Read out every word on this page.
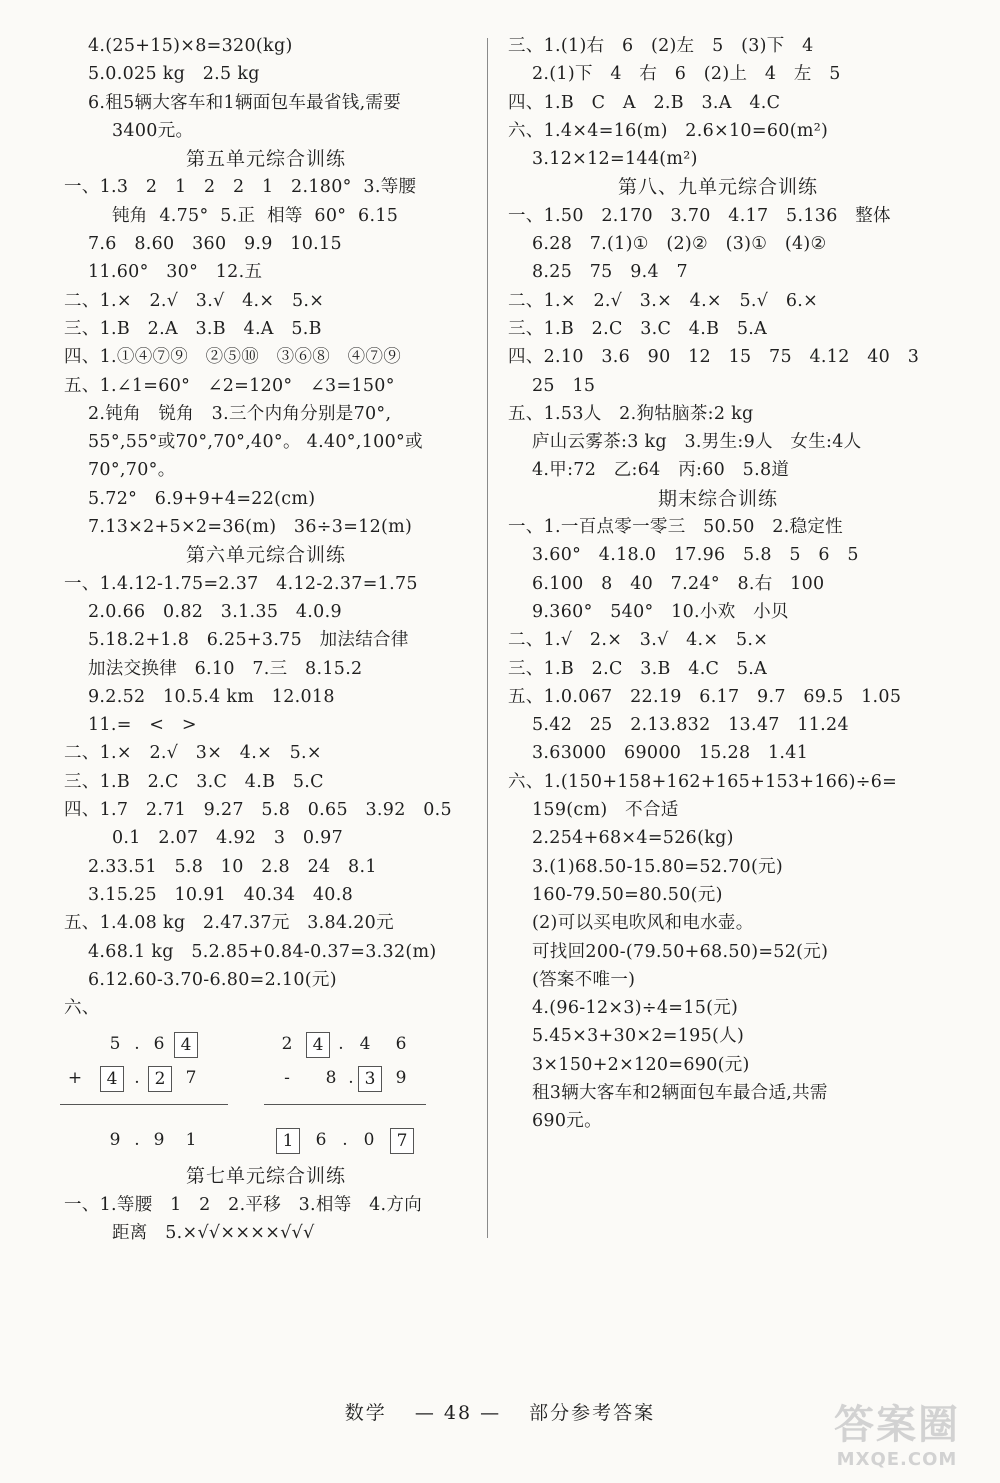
4.(25+15)×8=320(kg)
5.0.025 kg   2.5 kg
6.租5辆大客车和1辆面包车最省钱,需要
3400元。
第五单元综合训练
一、1.3   2   1   2   2   1   2.180°  3.等腰
钝角  4.75°  5.正  相等  60°  6.15
7.6   8.60   360   9.9   10.15
11.60°   30°   12.五
二、1.×   2.√   3.√   4.×   5.×
三、1.B   2.A   3.B   4.A   5.B
四、1.①④⑦⑨   ②⑤⑩   ③⑥⑧   ④⑦⑨
五、1.∠1=60°   ∠2=120°   ∠3=150°
2.钝角   锐角   3.三个内角分别是70°,
55°,55°或70°,70°,40°。 4.40°,100°或
70°,70°。
5.72°   6.9+9+4=22(cm)
7.13×2+5×2=36(m)   36÷3=12(m)
第六单元综合训练
一、1.4.12-1.75=2.37   4.12-2.37=1.75
2.0.66   0.82   3.1.35   4.0.9
5.18.2+1.8   6.25+3.75   加法结合律
加法交换律   6.10   7.三   8.15.2
9.2.52   10.5.4 km   12.018
11.=   <   >
二、1.×   2.√   3×   4.×   5.×
三、1.B   2.C   3.C   4.B   5.C
四、1.7   2.71   9.27   5.8   0.65   3.92   0.5
0.1   2.07   4.92   3   0.97
2.33.51   5.8   10   2.8   24   8.1
3.15.25   10.91   40.34   40.8
五、1.4.08 kg   2.47.37元   3.84.20元
4.68.1 kg   5.2.85+0.84-0.37=3.32(m)
6.12.60-3.70-6.80=2.10(元)
六、
5 . 6 4
+	4 . 2	7
9 . 9	1
2	4 . 4	6
-	8 . 3	9
1	6 . 0	7
第七单元综合训练
一、1.等腰   1   2   2.平移   3.相等   4.方向
距离   5.×√√××××√√√
三、1.(1)右   6   (2)左   5   (3)下   4
2.(1)下   4   右   6   (2)上   4   左   5
四、1.B   C   A   2.B   3.A   4.C
六、1.4×4=16(m)   2.6×10=60(m²)
3.12×12=144(m²)
第八、九单元综合训练
一、1.50   2.170   3.70   4.17   5.136   整体
6.28   7.(1)①   (2)②   (3)①   (4)②
8.25   75   9.4   7
二、1.×   2.√   3.×   4.×   5.√   6.×
三、1.B   2.C   3.C   4.B   5.A
四、2.10   3.6   90   12   15   75   4.12   40   3
25   15
五、1.53人   2.狗牯脑茶:2 kg
庐山云雾茶:3 kg   3.男生:9人   女生:4人
4.甲:72   乙:64   丙:60   5.8道
期末综合训练
一、1.一百点零一零三   50.50   2.稳定性
3.60°   4.18.0   17.96   5.8   5   6   5
6.100   8   40   7.24°   8.右   100
9.360°   540°   10.小欢   小贝
二、1.√   2.×   3.√   4.×   5.×
三、1.B   2.C   3.B   4.C   5.A
五、1.0.067   22.19   6.17   9.7   69.5   1.05
5.42   25   2.13.832   13.47   11.24
3.63000   69000   15.28   1.41
六、1.(150+158+162+165+153+166)÷6=
159(cm)   不合适
2.254+68×4=526(kg)
3.(1)68.50-15.80=52.70(元)
160-79.50=80.50(元)
(2)可以买电吹风和电水壶。
可找回200-(79.50+68.50)=52(元)
(答案不唯一)
4.(96-12×3)÷4=15(元)
5.45×3+30×2=195(人)
3×150+2×120=690(元)
租3辆大客车和2辆面包车最合适,共需
690元。
数学 — 48 — 部分参考答案	答案圈
MXQE.COM
